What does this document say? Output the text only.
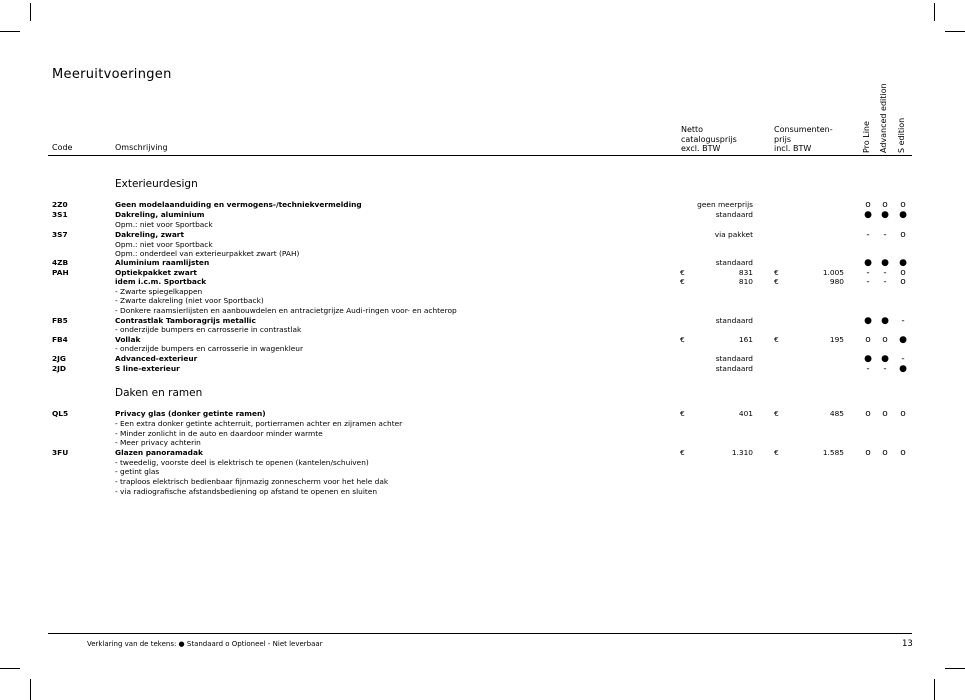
Meeruitvoeringen
Code	Omschrijving
Netto
catalogusprijs
excl. BTW
Consumenten-
prijs
incl. BTW	Pro Line Advanced edition S edition
Exterieurdesign
Daken en ramen
2Z0	Geen modelaanduiding en vermogens-/techniekvermelding	geen meerprijs	o	o	o
3S1	Dakreling, aluminium	standaard	● ● ●
Opm.: niet voor Sportback
3S7	Dakreling, zwart	via pakket	-	-	o
Opm.: niet voor Sportback
Opm.: onderdeel van exterieurpakket zwart (PAH)
4ZB	Aluminium raamlijsten	standaard	● ● ●
PAH	Optiekpakket zwart	€	831	€	1.005	-	-	o
idem i.c.m. Sportback	€	810	€	980	-	-	o
- Zwarte spiegelkappen
- Zwarte dakreling (niet voor Sportback)
- Donkere raamsierlijsten en aanbouwdelen en antracietgrijze Audi-ringen voor- en achterop
FB5	Contrastlak Tamboragrijs metallic	standaard	● ●	-
- onderzijde bumpers en carrosserie in contrastlak
FB4	Vollak	€	161	€	195	o	o	●
- onderzijde bumpers en carrosserie in wagenkleur
2JG	Advanced-exterieur	standaard	● ●	-
2JD	S line-exterieur	standaard	-	-	●
QL5	Privacy glas (donker getinte ramen)	€	401	€	485	o	o	o
- Een extra donker getinte achterruit, portierramen achter en zijramen achter
- Minder zonlicht in de auto en daardoor minder warmte
- Meer privacy achterin
3FU	Glazen panoramadak	€	1.310	€	1.585	o	o	o
- tweedelig, voorste deel is elektrisch te openen (kantelen/schuiven)
- getint glas
- traploos elektrisch bedienbaar fijnmazig zonnescherm voor het hele dak
- via radiografische afstandsbediening op afstand te openen en sluiten
Verklaring van de tekens: ● Standaard o Optioneel - Niet leverbaar	13
